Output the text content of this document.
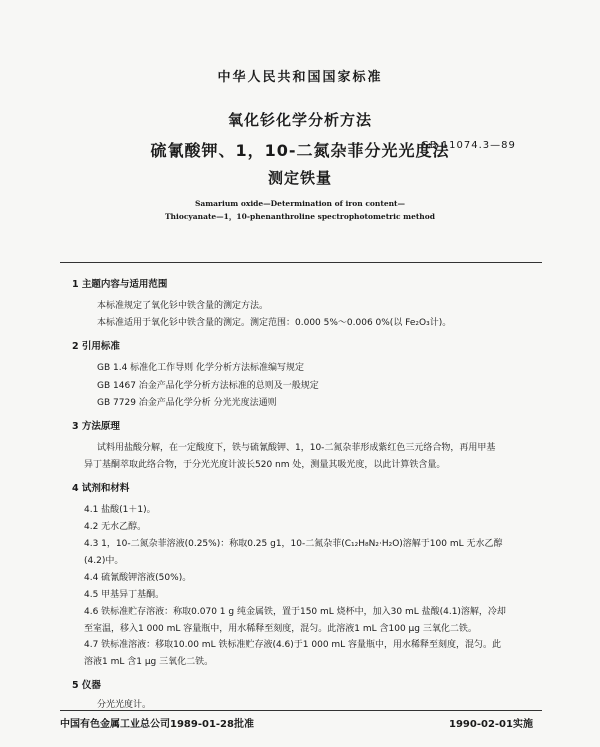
中华人民共和国国家标准
氧化钐化学分析方法
硫氰酸钾、1，10-二氮杂菲分光光度法
测定铁量
GB 11074.3—89
Samarium oxide—Determination of iron content—
Thiocyanate—1，10-phenanthroline spectrophotometric method
1 主题内容与适用范围
本标准规定了氧化钐中铁含量的测定方法。
本标准适用于氧化钐中铁含量的测定。测定范围：0.000 5%～0.006 0%(以 Fe₂O₃计)。
2 引用标准
GB 1.4 标准化工作导则 化学分析方法标准编写规定
GB 1467 冶金产品化学分析方法标准的总则及一般规定
GB 7729 冶金产品化学分析 分光光度法通则
3 方法原理
试料用盐酸分解，在一定酸度下，铁与硫氰酸钾、1，10-二氮杂菲形成紫红色三元络合物，再用甲基
异丁基酮萃取此络合物，于分光光度计波长520 nm 处，测量其吸光度，以此计算铁含量。
4 试剂和材料
4.1 盐酸(1＋1)。
4.2 无水乙醇。
4.3 1，10-二氮杂菲溶液(0.25%)：称取0.25 g1，10-二氮杂菲(C₁₂H₈N₂·H₂O)溶解于100 mL 无水乙醇
(4.2)中。
4.4 硫氰酸钾溶液(50%)。
4.5 甲基异丁基酮。
4.6 铁标准贮存溶液：称取0.070 1 g 纯金属铁，置于150 mL 烧杯中，加入30 mL 盐酸(4.1)溶解，冷却
至室温，移入1 000 mL 容量瓶中，用水稀释至刻度，混匀。此溶液1 mL 含100 μg 三氧化二铁。
4.7 铁标准溶液：移取10.00 mL 铁标准贮存液(4.6)于1 000 mL 容量瓶中，用水稀释至刻度，混匀。此
溶液1 mL 含1 μg 三氧化二铁。
5 仪器
分光光度计。
中国有色金属工业总公司1989-01-28批准	1990-02-01实施
